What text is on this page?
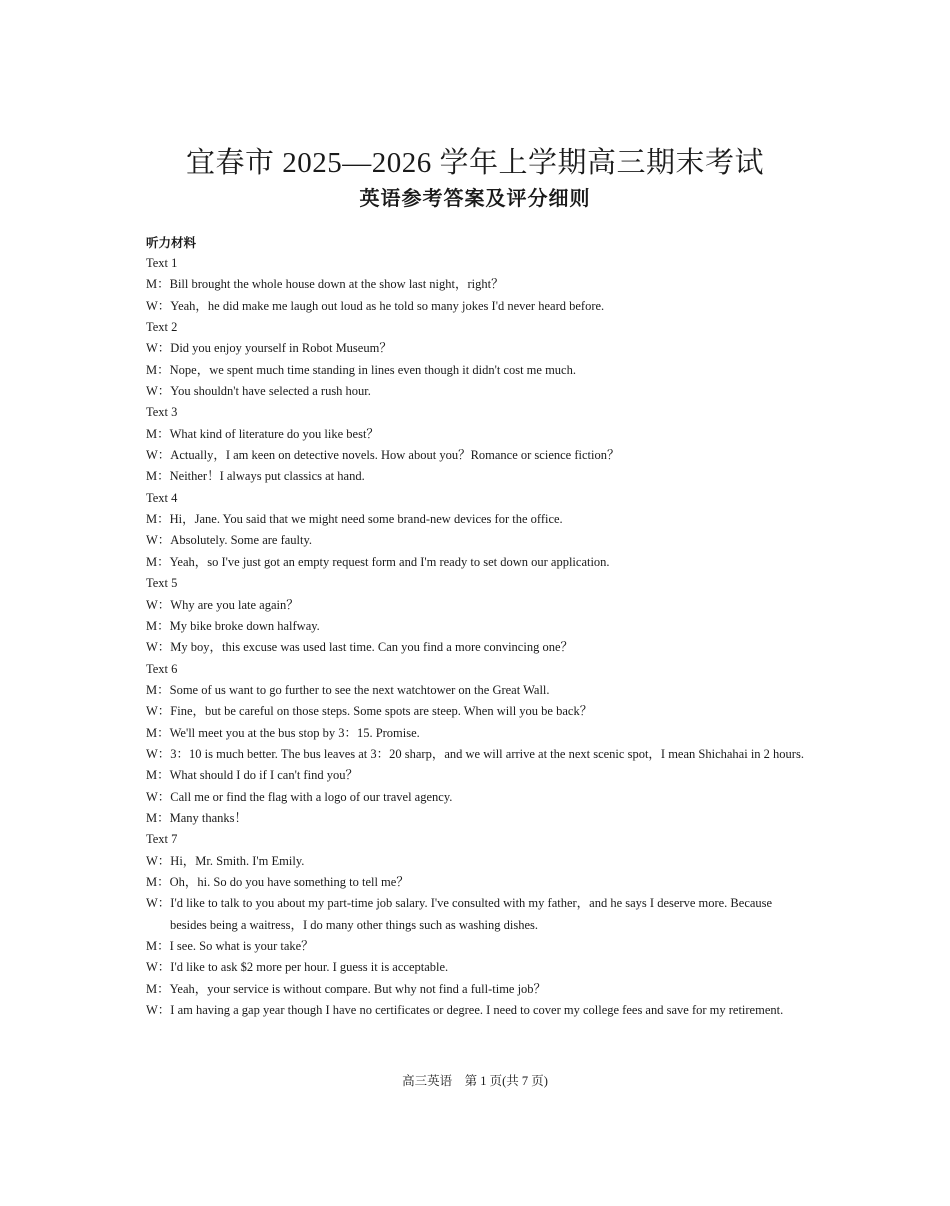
宜春市 2025—2026 学年上学期高三期末考试
英语参考答案及评分细则
听力材料
Text 1
M：Bill brought the whole house down at the show last night，right？
W：Yeah，he did make me laugh out loud as he told so many jokes I'd never heard before.
Text 2
W：Did you enjoy yourself in Robot Museum？
M：Nope，we spent much time standing in lines even though it didn't cost me much.
W：You shouldn't have selected a rush hour.
Text 3
M：What kind of literature do you like best？
W：Actually，I am keen on detective novels. How about you？Romance or science fiction？
M：Neither！I always put classics at hand.
Text 4
M：Hi，Jane. You said that we might need some brand-new devices for the office.
W：Absolutely. Some are faulty.
M：Yeah，so I've just got an empty request form and I'm ready to set down our application.
Text 5
W：Why are you late again？
M：My bike broke down halfway.
W：My boy，this excuse was used last time. Can you find a more convincing one？
Text 6
M：Some of us want to go further to see the next watchtower on the Great Wall.
W：Fine，but be careful on those steps. Some spots are steep. When will you be back？
M：We'll meet you at the bus stop by 3：15. Promise.
W：3：10 is much better. The bus leaves at 3：20 sharp，and we will arrive at the next scenic spot，I mean Shichahai in 2 hours.
M：What should I do if I can't find you？
W：Call me or find the flag with a logo of our travel agency.
M：Many thanks！
Text 7
W：Hi，Mr. Smith. I'm Emily.
M：Oh，hi. So do you have something to tell me？
W：I'd like to talk to you about my part-time job salary. I've consulted with my father，and he says I deserve more. Because besides being a waitress，I do many other things such as washing dishes.
M：I see. So what is your take？
W：I'd like to ask $2 more per hour. I guess it is acceptable.
M：Yeah，your service is without compare. But why not find a full-time job？
W：I am having a gap year though I have no certificates or degree. I need to cover my college fees and save for my retirement.
高三英语　第 1 页(共 7 页)
